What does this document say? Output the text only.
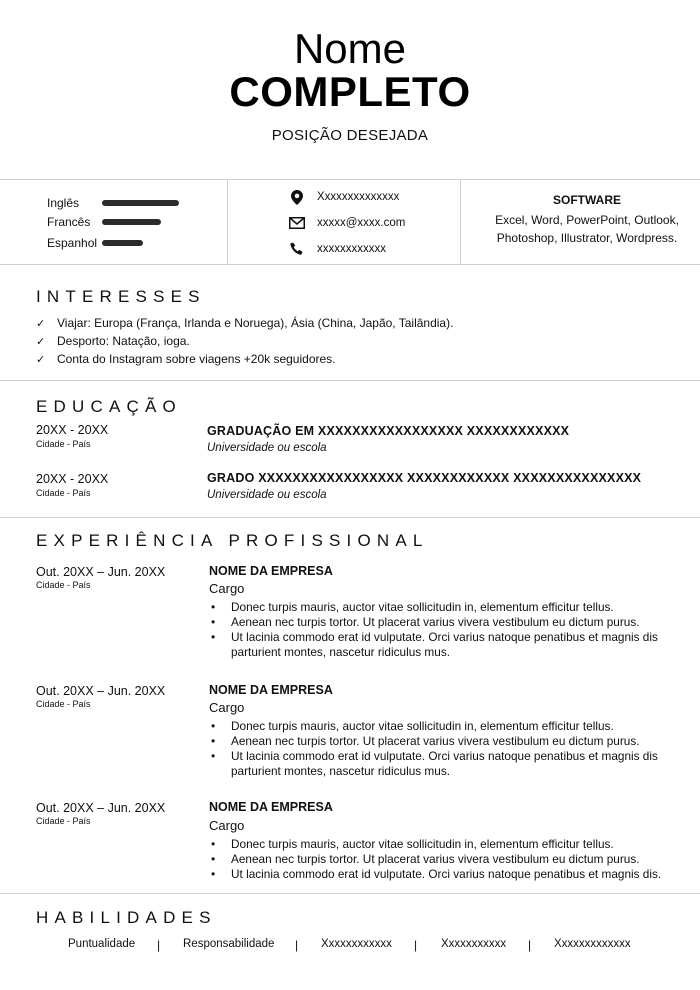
Nome
COMPLETO
POSIÇÃO DESEJADA
Inglês
Francês
Espanhol
Xxxxxxxxxxxxxx
xxxxx@xxxx.com
xxxxxxxxxxxx
SOFTWARE
Excel, Word, PowerPoint, Outlook,
Photoshop, Illustrator, Wordpress.
INTERESSES
✓ Viajar: Europa (França, Irlanda e Noruega), Ásia (China, Japão, Tailândia).
✓ Desporto: Natação, ioga.
✓ Conta do Instagram sobre viagens +20k seguidores.
EDUCAÇÃO
20XX - 20XX
Cidade - País
GRADUAÇÃO EM XXXXXXXXXXXXXXXXX XXXXXXXXXXXX
Universidade ou escola
20XX - 20XX
Cidade - País
GRADO XXXXXXXXXXXXXXXXX XXXXXXXXXXXX XXXXXXXXXXXXXXX
Universidade ou escola
EXPERIÊNCIA PROFISSIONAL
Out. 20XX – Jun. 20XX
Cidade - País
NOME DA EMPRESA
Cargo
• Donec turpis mauris, auctor vitae sollicitudin in, elementum efficitur tellus.
• Aenean nec turpis tortor. Ut placerat varius vivera vestibulum eu dictum purus.
• Ut lacinia commodo erat id vulputate. Orci varius natoque penatibus et magnis dis parturient montes, nascetur ridiculus mus.
Out. 20XX – Jun. 20XX
Cidade - País
NOME DA EMPRESA
Cargo
• Donec turpis mauris, auctor vitae sollicitudin in, elementum efficitur tellus.
• Aenean nec turpis tortor. Ut placerat varius vivera vestibulum eu dictum purus.
• Ut lacinia commodo erat id vulputate. Orci varius natoque penatibus et magnis dis parturient montes, nascetur ridiculus mus.
Out. 20XX – Jun. 20XX
Cidade - País
NOME DA EMPRESA
Cargo
• Donec turpis mauris, auctor vitae sollicitudin in, elementum efficitur tellus.
• Aenean nec turpis tortor. Ut placerat varius vivera vestibulum eu dictum purus.
• Ut lacinia commodo erat id vulputate. Orci varius natoque penatibus et magnis dis.
HABILIDADES
Puntualidade | Responsabilidade | Xxxxxxxxxxxx | Xxxxxxxxxxx | Xxxxxxxxxxxxx
